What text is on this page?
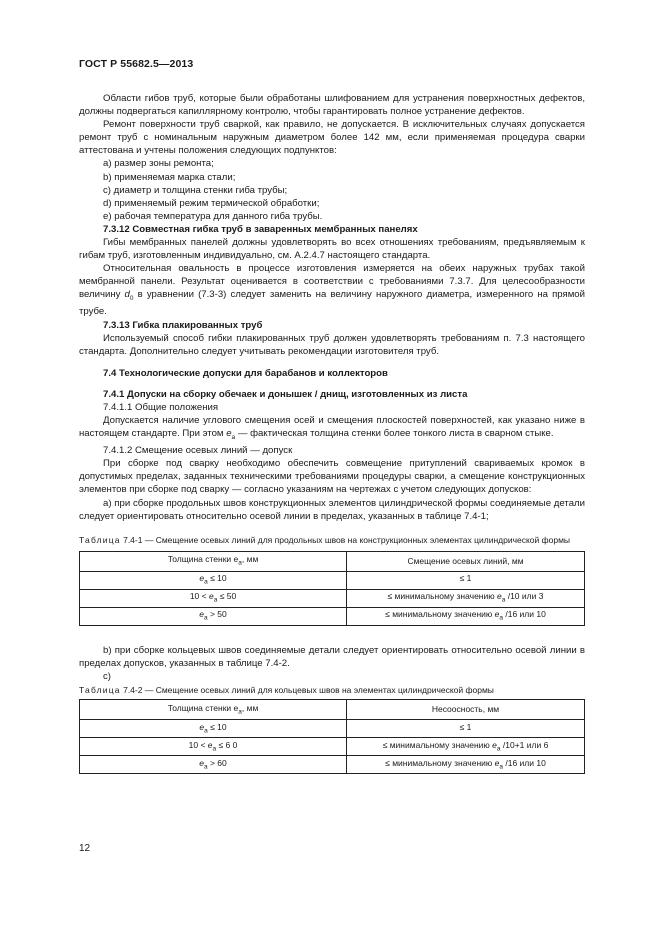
ГОСТ Р 55682.5—2013

Области гибов труб, которые были обработаны шлифованием для устранения поверхностных дефектов, должны подвергаться капиллярному контролю, чтобы гарантировать полное устранение дефектов.

Ремонт поверхности труб сваркой, как правило, не допускается. В исключительных случаях допускается ремонт труб с номинальным наружным диаметром более 142 мм, если применяемая процедура сварки аттестована и учтены положения следующих подпунктов:

a) размер зоны ремонта;

b) применяемая марка стали;

c) диаметр и толщина стенки гиба трубы;

d) применяемый режим термической обработки;

e) рабочая температура для данного гиба трубы.

7.3.12 Совместная гибка труб в заваренных мембранных панелях

Гибы мембранных панелей должны удовлетворять во всех отношениях требованиям, предъявляемым к гибам труб, изготовленным индивидуально, см. А.2.4.7 настоящего стандарта.

Относительная овальность в процессе изготовления измеряется на обеих наружных трубах такой мембранной панели. Результат оценивается в соответствии с требованиями 7.3.7. Для целесообразности величину $d_0$ в уравнении (7.3-3) следует заменить на величину наружного диаметра, измеренного на прямой трубе.

7.3.13 Гибка плакированных труб

Используемый способ гибки плакированных труб должен удовлетворять требованиям п. 7.3 настоящего стандарта. Дополнительно следует учитывать рекомендации изготовителя труб.

7.4 Технологические допуски для барабанов и коллекторов

7.4.1 Допуски на сборку обечаек и донышек / днищ, изготовленных из листа

7.4.1.1 Общие положения

Допускается наличие углового смещения осей и смещения плоскостей поверхностей, как указано ниже в настоящем стандарте. При этом $e_a$ — фактическая толщина стенки более тонкого листа в сварном стыке.

7.4.1.2 Смещение осевых линий — допуск

При сборке под сварку необходимо обеспечить совмещение притуплений свариваемых кромок в допустимых пределах, заданных техническими требованиями процедуры сварки, а смещение конструкционных элементов при сборке под сварку — согласно указаниям на чертежах с учетом следующих допусков:

а) при сборке продольных швов конструкционных элементов цилиндрической формы соединяемые детали следует ориентировать относительно осевой линии в пределах, указанных в таблице 7.4-1;

Таблица 7.4-1 — Смещение осевых линий для продольных швов на конструкционных элементах цилиндрической формы

Толщина стенки $e_a$, мм	Смещение осевых линий, мм
$e_a \le 10$	≤ 1
$10 < e_a \le 50$	≤ минимальному значению $e_a$ /10 или 3
$e_a > 50$	≤ минимальному значению $e_a$ /16 или 10

b) при сборке кольцевых швов соединяемые детали следует ориентировать относительно осевой линии в пределах допусков, указанных в таблице 7.4-2.

c)

Таблица 7.4-2 — Смещение осевых линий для кольцевых швов на элементах цилиндрической формы

Толщина стенки $e_a$, мм	Несоосность, мм
$e_a \le 10$	≤ 1
$10 < e_a \le 6$ 0	≤ минимальному значению $e_a$ /10+1 или 6
$e_a > 60$	≤ минимальному значению $e_a$ /16 или 10
12
